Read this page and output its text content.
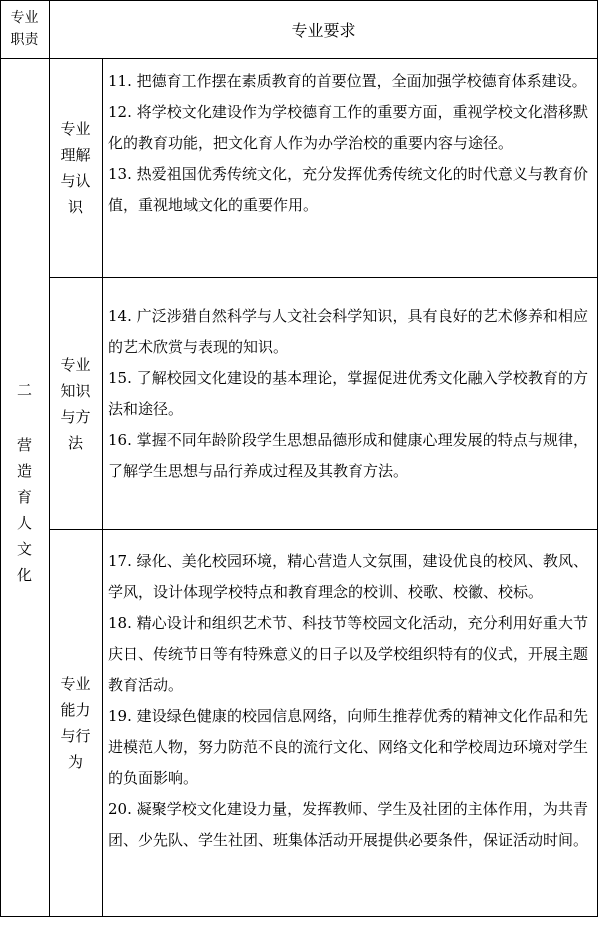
专业职责
专业要求
二 营造育人文化
专业
理解
与认
识

11. 把德育工作摆在素质教育的首要位置，全面加强学校德育体系建设。

12. 将学校文化建设作为学校德育工作的重要方面，重视学校文化潜移默化的教育功能，把文化育人作为办学治校的重要内容与途径。

13. 热爱祖国优秀传统文化，充分发挥优秀传统文化的时代意义与教育价值，重视地域文化的重要作用。

专业
知识
与方
法

14. 广泛涉猎自然科学与人文社会科学知识，具有良好的艺术修养和相应的艺术欣赏与表现的知识。

15. 了解校园文化建设的基本理论，掌握促进优秀文化融入学校教育的方法和途径。

16. 掌握不同年龄阶段学生思想品德形成和健康心理发展的特点与规律，了解学生思想与品行养成过程及其教育方法。

专业
能力
与行
为

17. 绿化、美化校园环境，精心营造人文氛围，建设优良的校风、教风、学风，设计体现学校特点和教育理念的校训、校歌、校徽、校标。

18. 精心设计和组织艺术节、科技节等校园文化活动，充分利用好重大节庆日、传统节日等有特殊意义的日子以及学校组织特有的仪式，开展主题教育活动。

19. 建设绿色健康的校园信息网络，向师生推荐优秀的精神文化作品和先进模范人物，努力防范不良的流行文化、网络文化和学校周边环境对学生的负面影响。

20. 凝聚学校文化建设力量，发挥教师、学生及社团的主体作用，为共青团、少先队、学生社团、班集体活动开展提供必要条件，保证活动时间。
